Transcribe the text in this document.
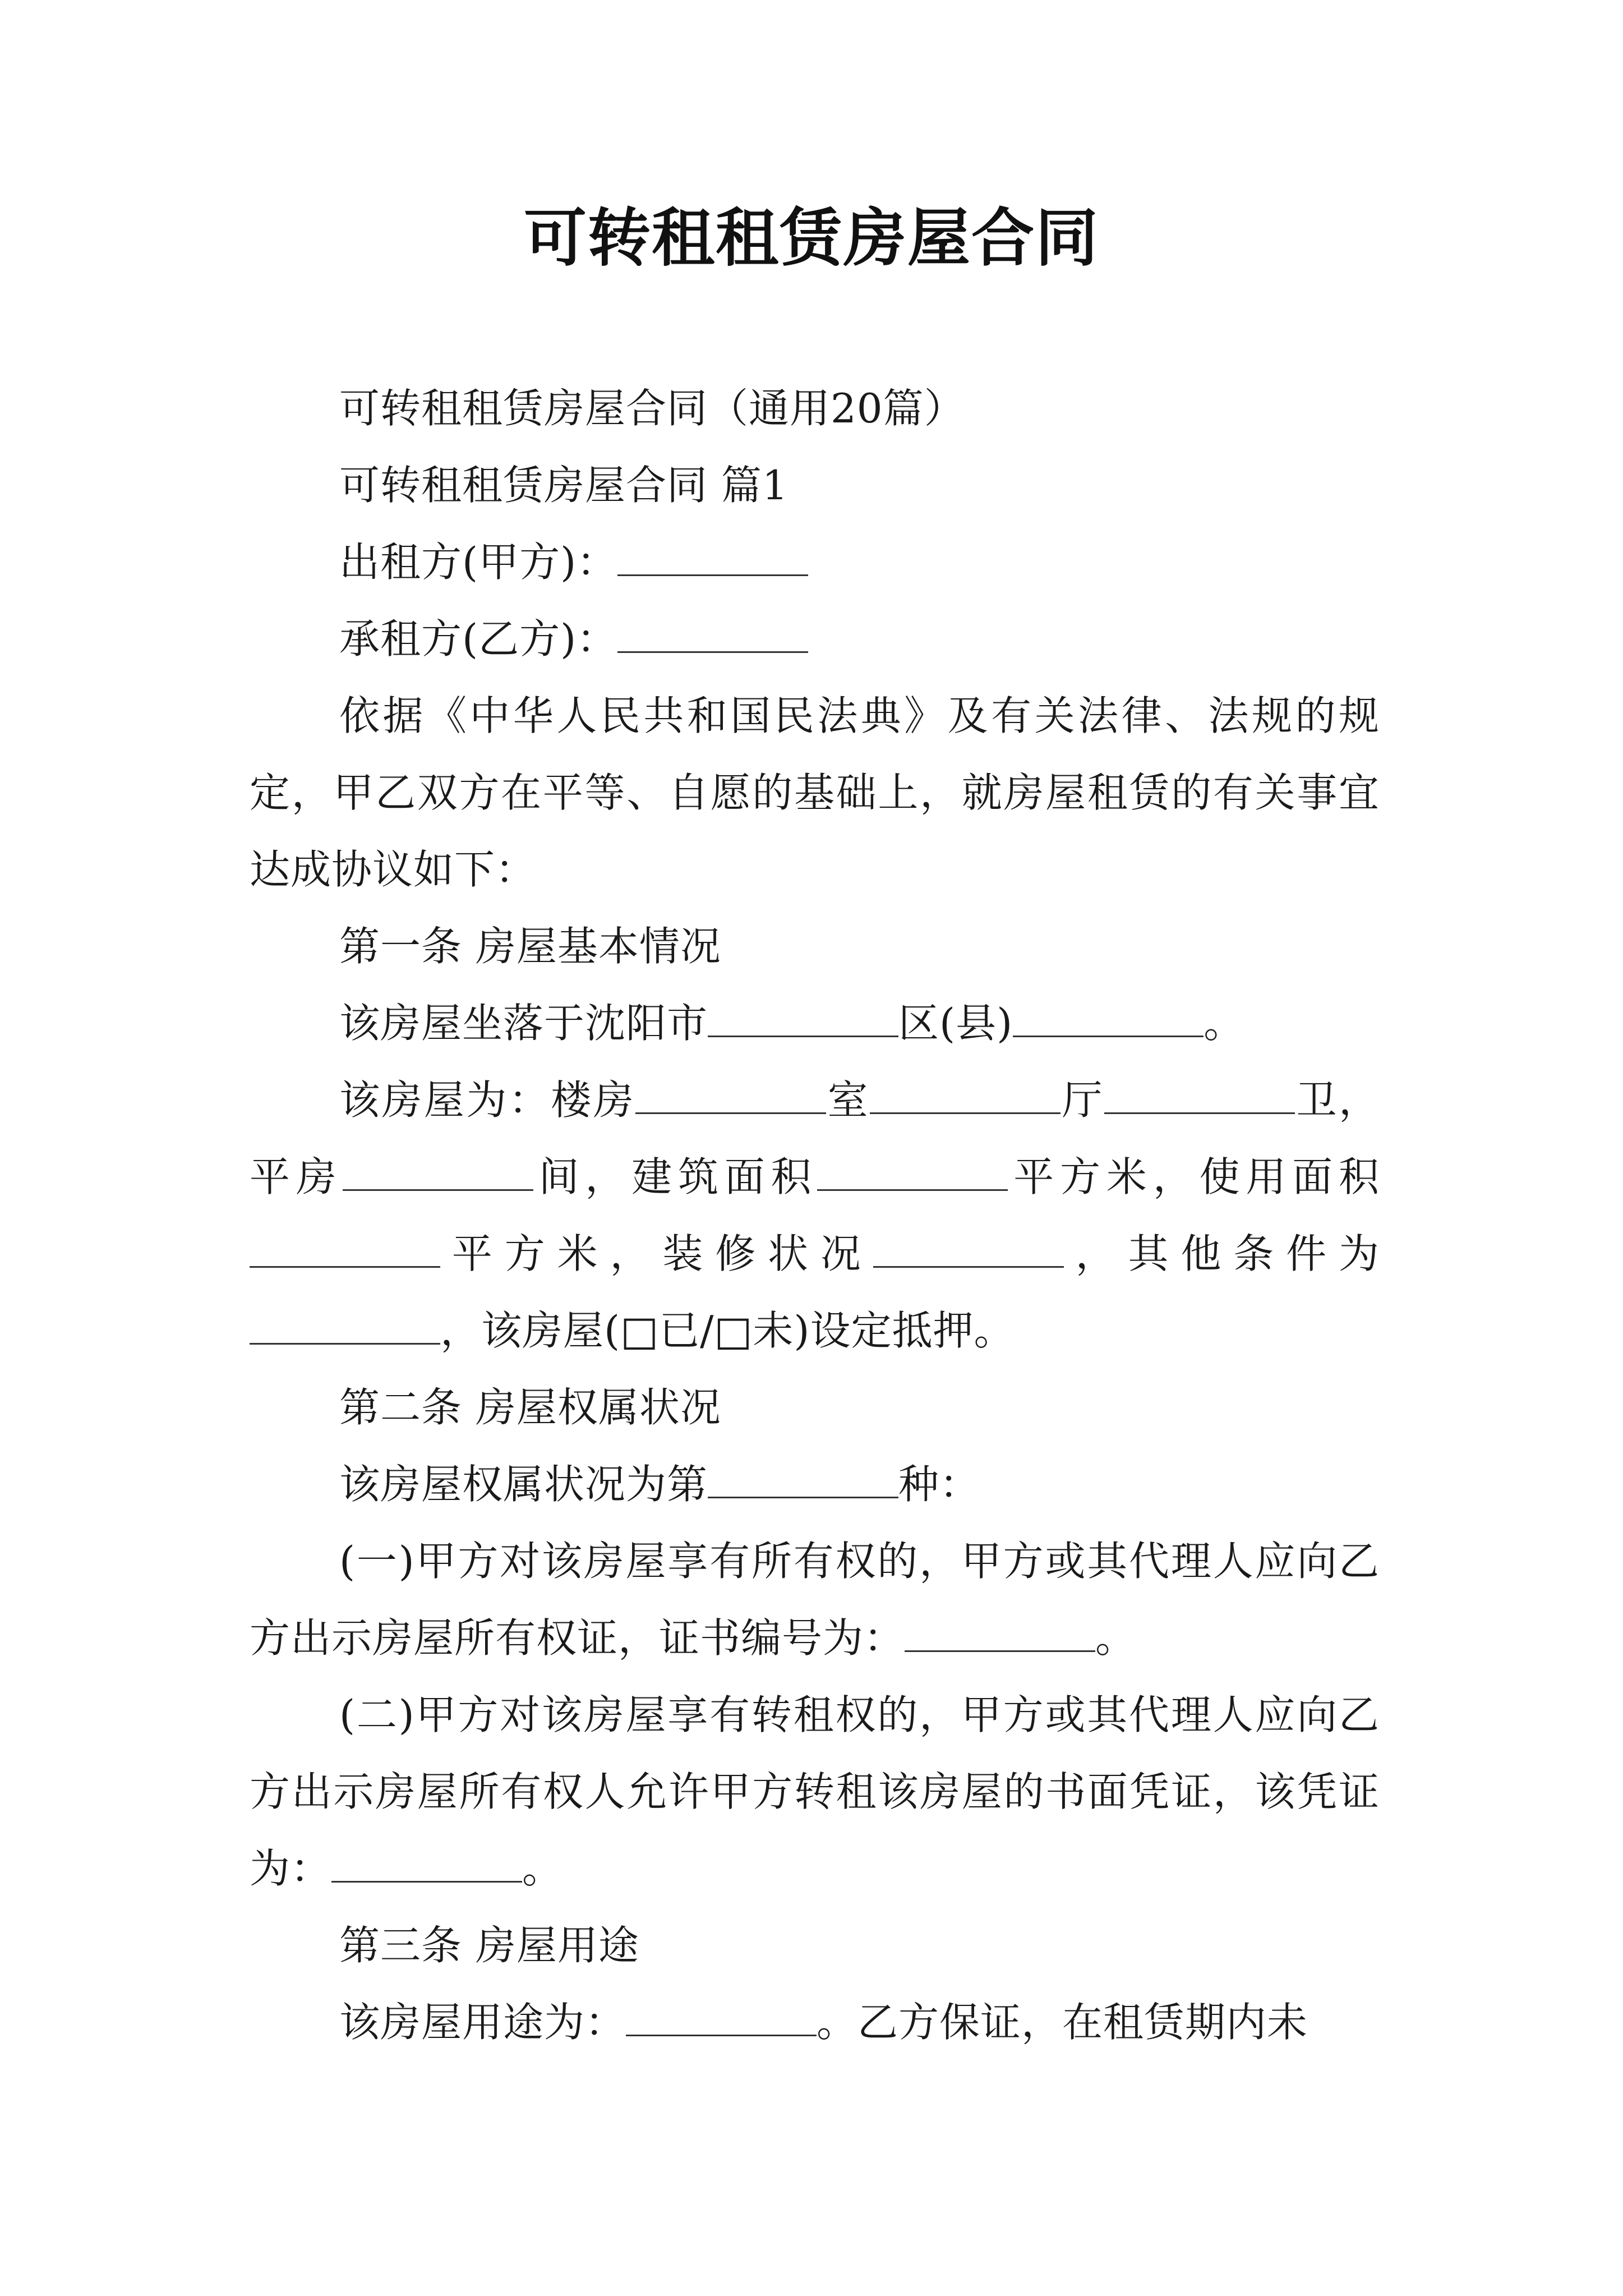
可转租租赁房屋合同

可转租租赁房屋合同（通用20篇）

可转租租赁房屋合同 篇1

出租方(甲方)：

承租方(乙方)：

依据《中华人民共和国民法典》及有关法律、法规的规定，甲乙双方在平等、自愿的基础上，就房屋租赁的有关事宜达成协议如下：

第一条 房屋基本情况

该房屋坐落于沈阳市	区(县)	。

该房屋为：楼房	室	厅	卫，平房	间，建筑面积	平方米，使用面积平方米，装修状况	，其他条件为，该房屋(□已/□未)设定抵押。

第二条 房屋权属状况

该房屋权属状况为第	种：

(一)甲方对该房屋享有所有权的，甲方或其代理人应向乙方出示房屋所有权证，证书编号为：	。

(二)甲方对该房屋享有转租权的，甲方或其代理人应向乙方出示房屋所有权人允许甲方转租该房屋的书面凭证，该凭证为：	。

第三条 房屋用途

该房屋用途为：	。乙方保证，在租赁期内未
